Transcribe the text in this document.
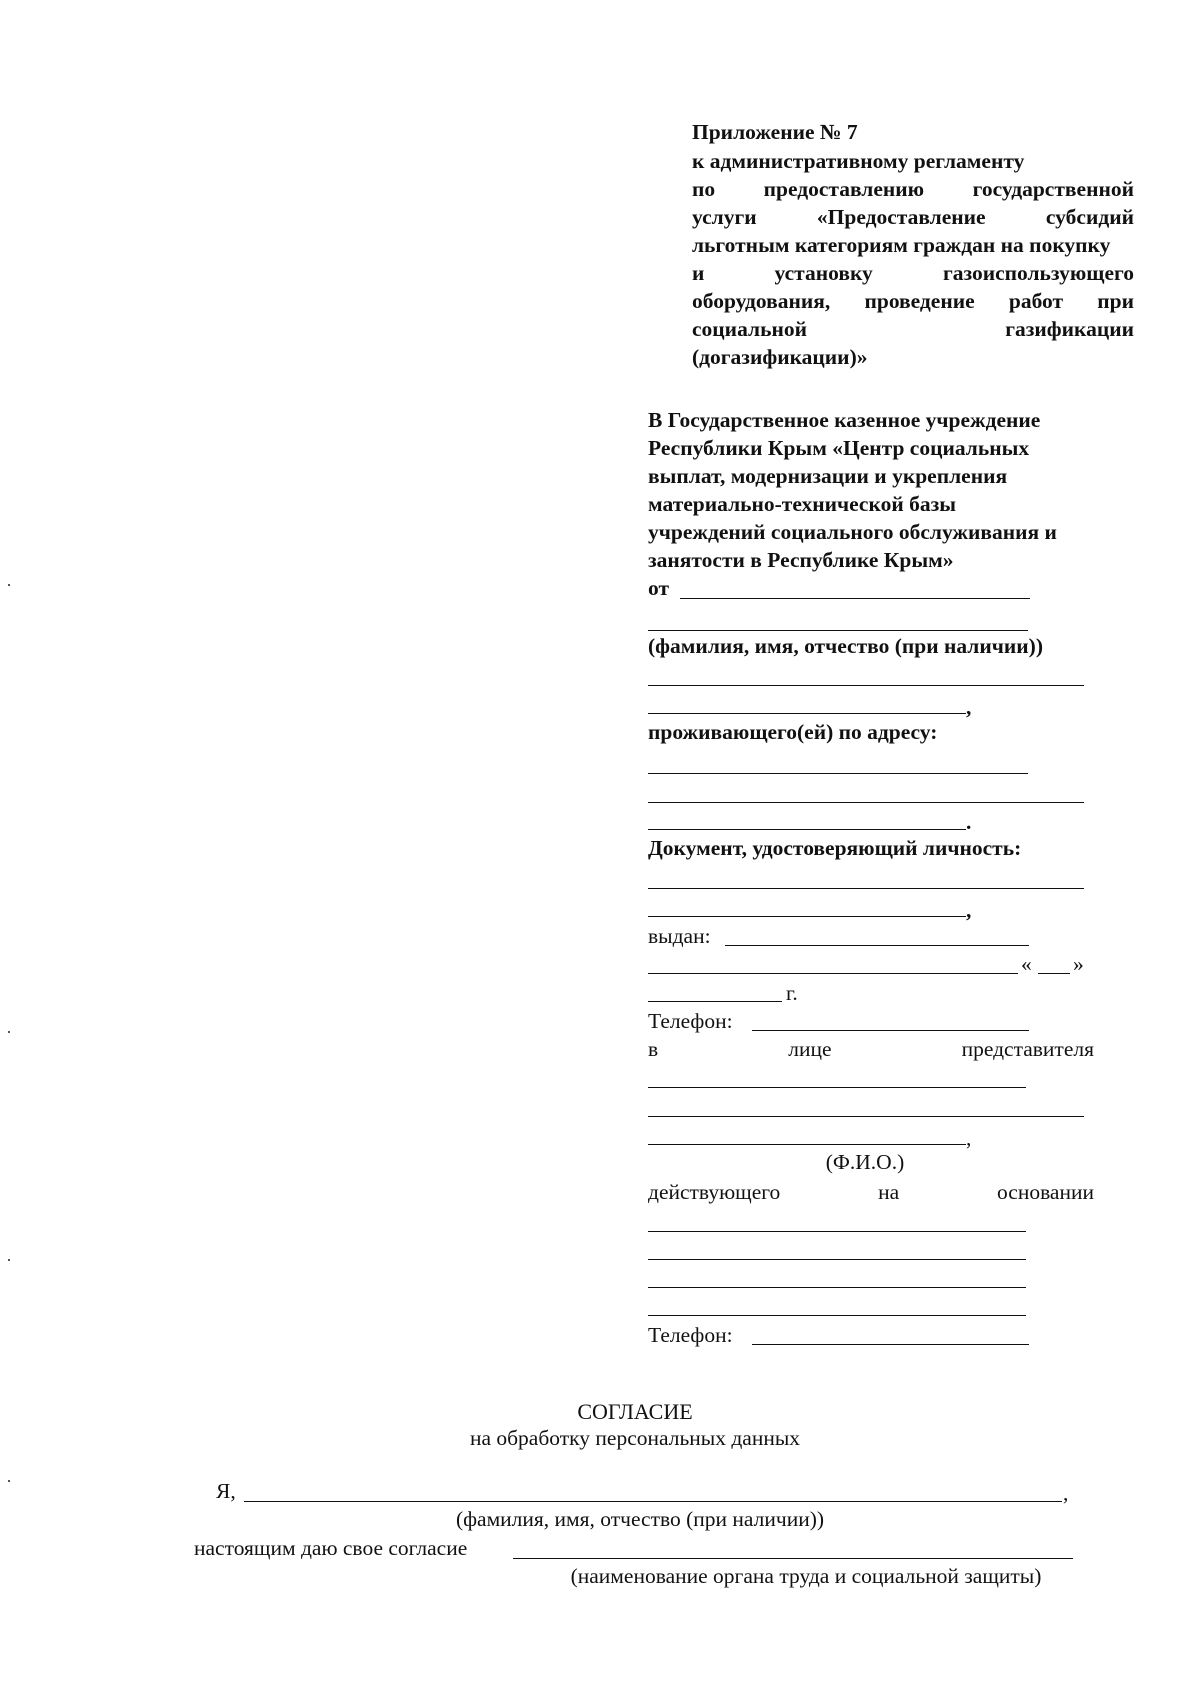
Приложение № 7
к административному регламенту
по предоставлению государственной
услуги	«Предоставление	субсидий
льготным категориям граждан на покупку
и	установку	газоиспользующего
оборудования, проведение работ при
социальной	газификации
(догазификации)»
В Государственное казенное учреждение
Республики Крым «Центр социальных
выплат, модернизации и укрепления
материально-технической базы
учреждений социального обслуживания и
занятости в Республике Крым»
от
(фамилия, имя, отчество (при наличии))
,
проживающего(ей) по адресу:
.
Документ, удостоверяющий личность:
,
выдан:
« »
г.
Телефон:
в	лице	представителя
,
(Ф.И.О.)
действующего	на	основании
Телефон:
СОГЛАСИЕ
на обработку персональных данных
Я,	,
(фамилия, имя, отчество (при наличии))
настоящим даю свое согласие
(наименование органа труда и социальной защиты)
